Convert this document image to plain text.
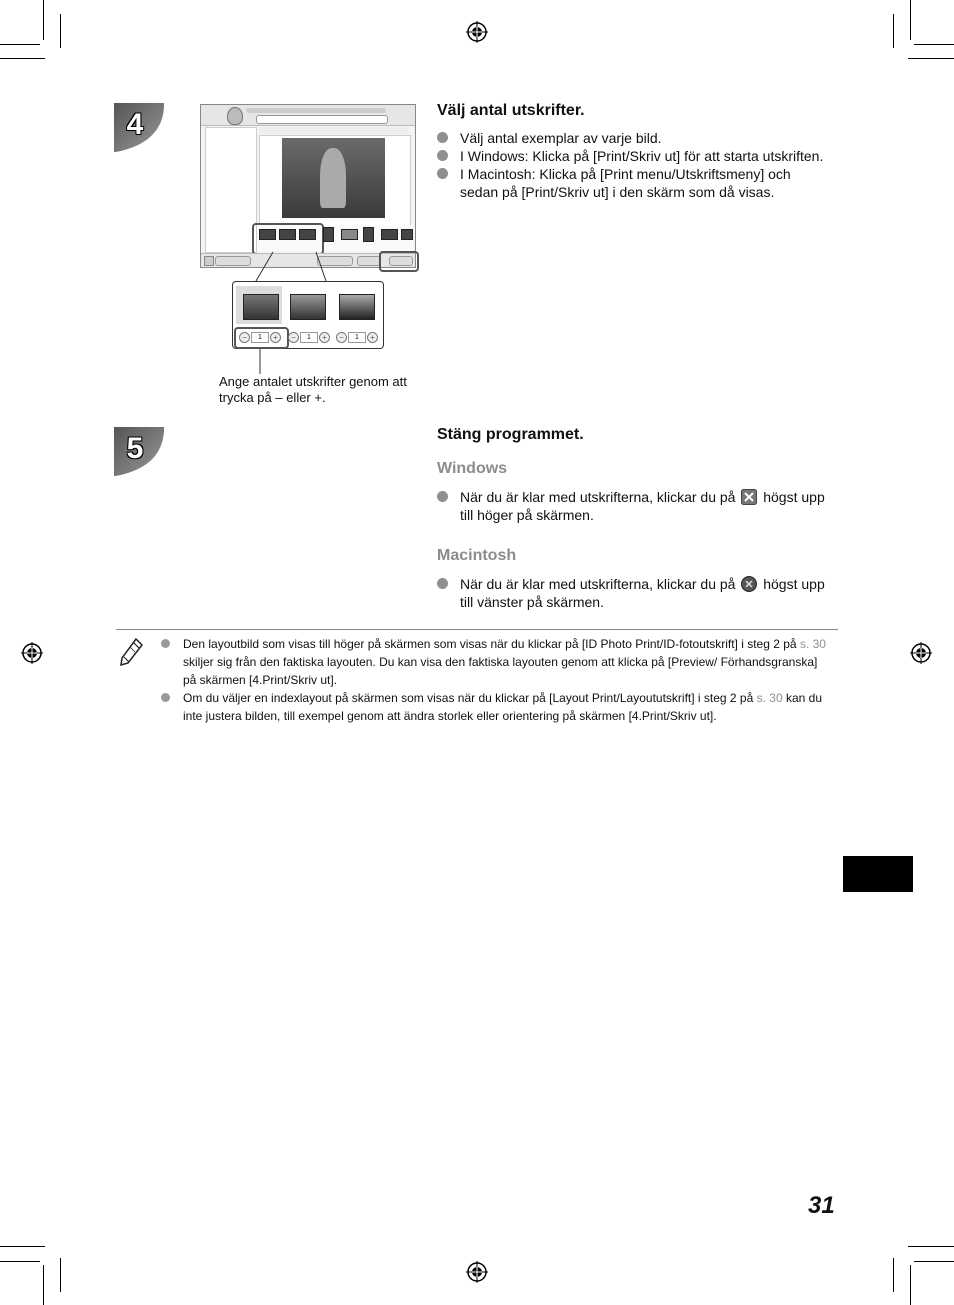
4
−	1	+	−	1	+	−	1	+
Ange antalet utskrifter genom att trycka på – eller +.
Välj antal utskrifter.
Välj antal exemplar av varje bild.
I Windows: Klicka på [Print/Skriv ut] för att starta utskriften.
I Macintosh: Klicka på [Print menu/Utskriftsmeny] och sedan på [Print/Skriv ut] i den skärm som då visas.
5	Stäng programmet.
Windows
När du är klar med utskrifterna, klickar du på högst upp till höger på skärmen.
Macintosh
När du är klar med utskrifterna, klickar du på högst upp till vänster på skärmen.
Den layoutbild som visas till höger på skärmen som visas när du klickar på [ID Photo Print/ID-fotoutskrift] i steg 2 på s. 30 skiljer sig från den faktiska layouten. Du kan visa den faktiska layouten genom att klicka på [Preview/ Förhandsgranska] på skärmen [4.Print/Skriv ut].
Om du väljer en indexlayout på skärmen som visas när du klickar på [Layout Print/Layoututskrift] i steg 2 på s. 30 kan du inte justera bilden, till exempel genom att ändra storlek eller orientering på skärmen [4.Print/Skriv ut].
31
